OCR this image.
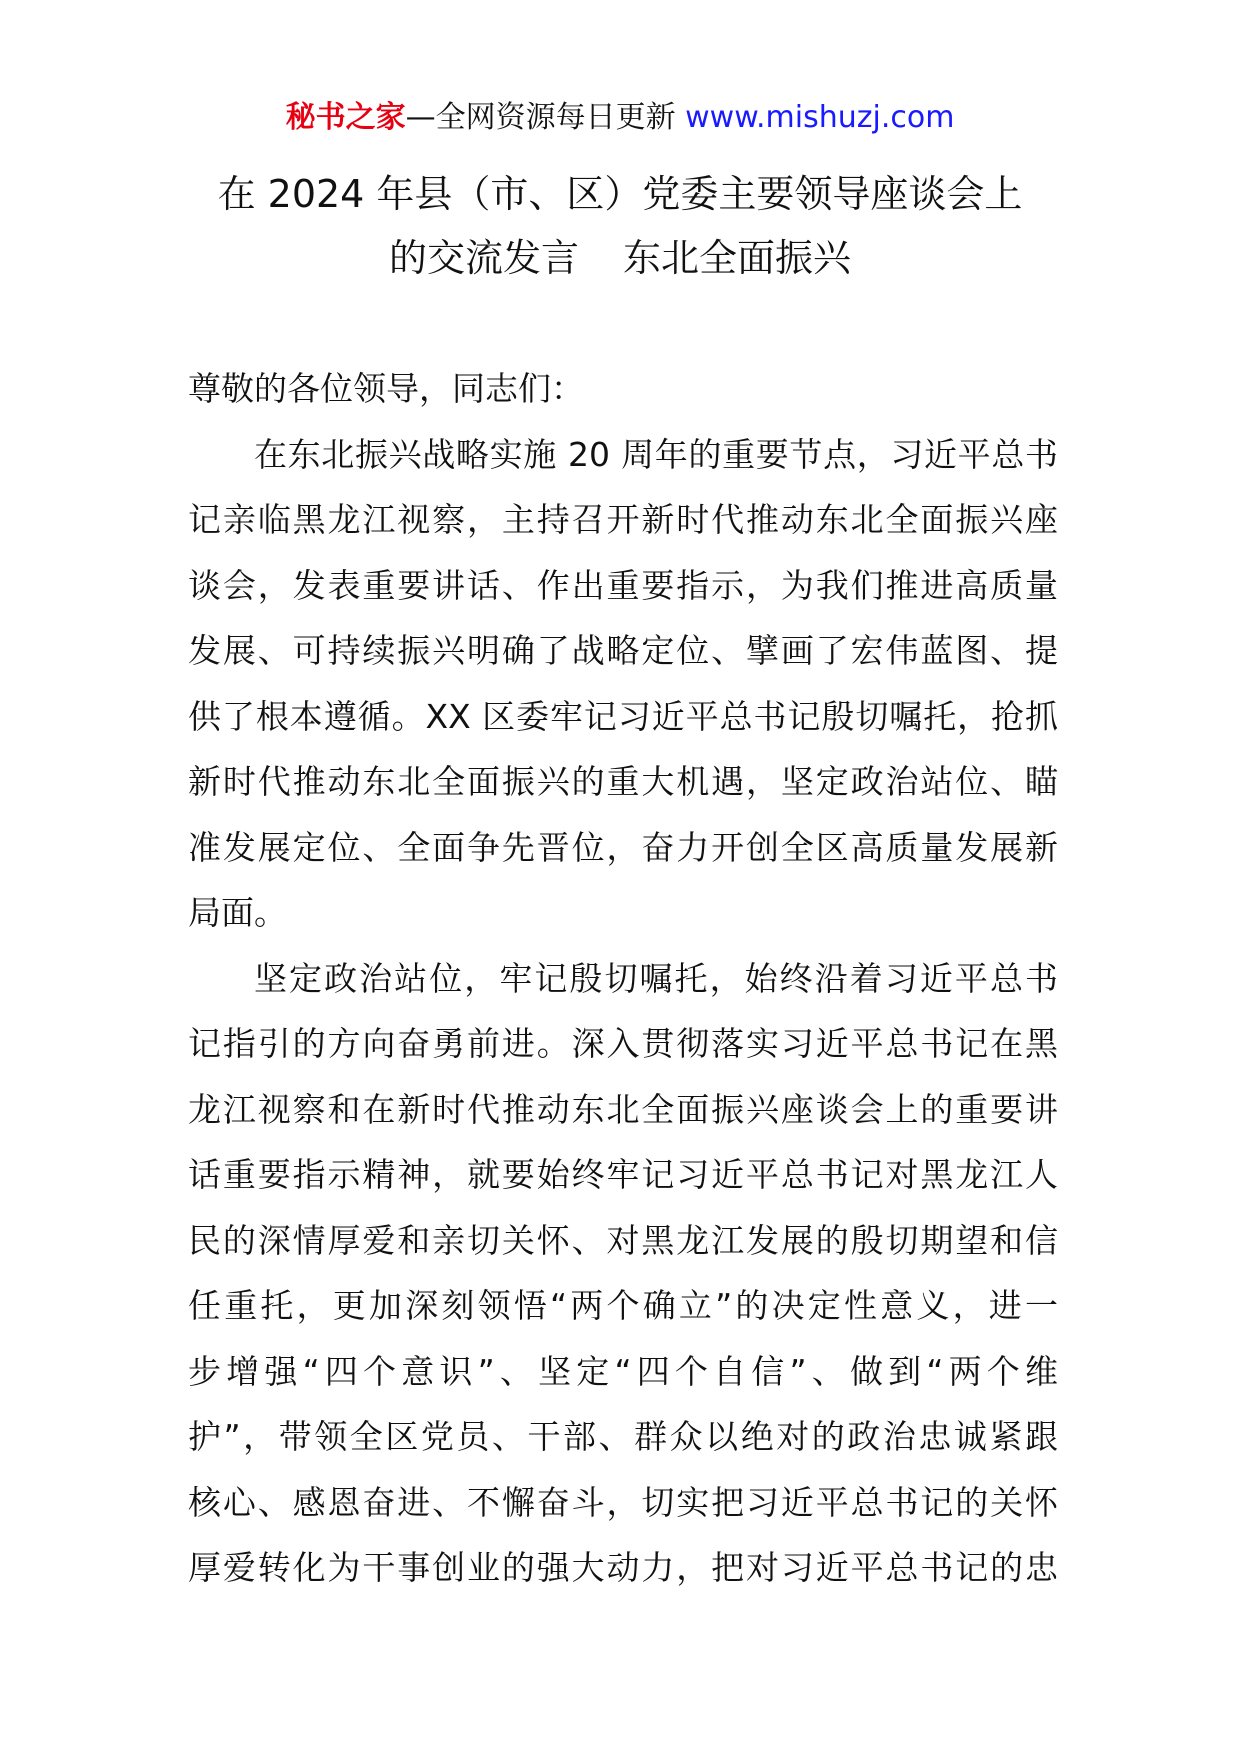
秘书之家—全网资源每日更新 www.mishuzj.com
在 2024 年县（市、区）党委主要领导座谈会上
的交流发言 东北全面振兴
尊敬的各位领导，同志们：
在东北振兴战略实施 20 周年的重要节点，习近平总书
记亲临黑龙江视察，主持召开新时代推动东北全面振兴座
谈会，发表重要讲话、作出重要指示，为我们推进高质量
发展、可持续振兴明确了战略定位、擘画了宏伟蓝图、提
供了根本遵循。XX 区委牢记习近平总书记殷切嘱托，抢抓
新时代推动东北全面振兴的重大机遇，坚定政治站位、瞄
准发展定位、全面争先晋位，奋力开创全区高质量发展新
局面。
坚定政治站位，牢记殷切嘱托，始终沿着习近平总书
记指引的方向奋勇前进。深入贯彻落实习近平总书记在黑
龙江视察和在新时代推动东北全面振兴座谈会上的重要讲
话重要指示精神，就要始终牢记习近平总书记对黑龙江人
民的深情厚爱和亲切关怀、对黑龙江发展的殷切期望和信
任重托，更加深刻领悟“两个确立”的决定性意义，进一
步增强“四个意识”、坚定“四个自信”、做到“两个维
护”，带领全区党员、干部、群众以绝对的政治忠诚紧跟
核心、感恩奋进、不懈奋斗，切实把习近平总书记的关怀
厚爱转化为干事创业的强大动力，把对习近平总书记的忠
